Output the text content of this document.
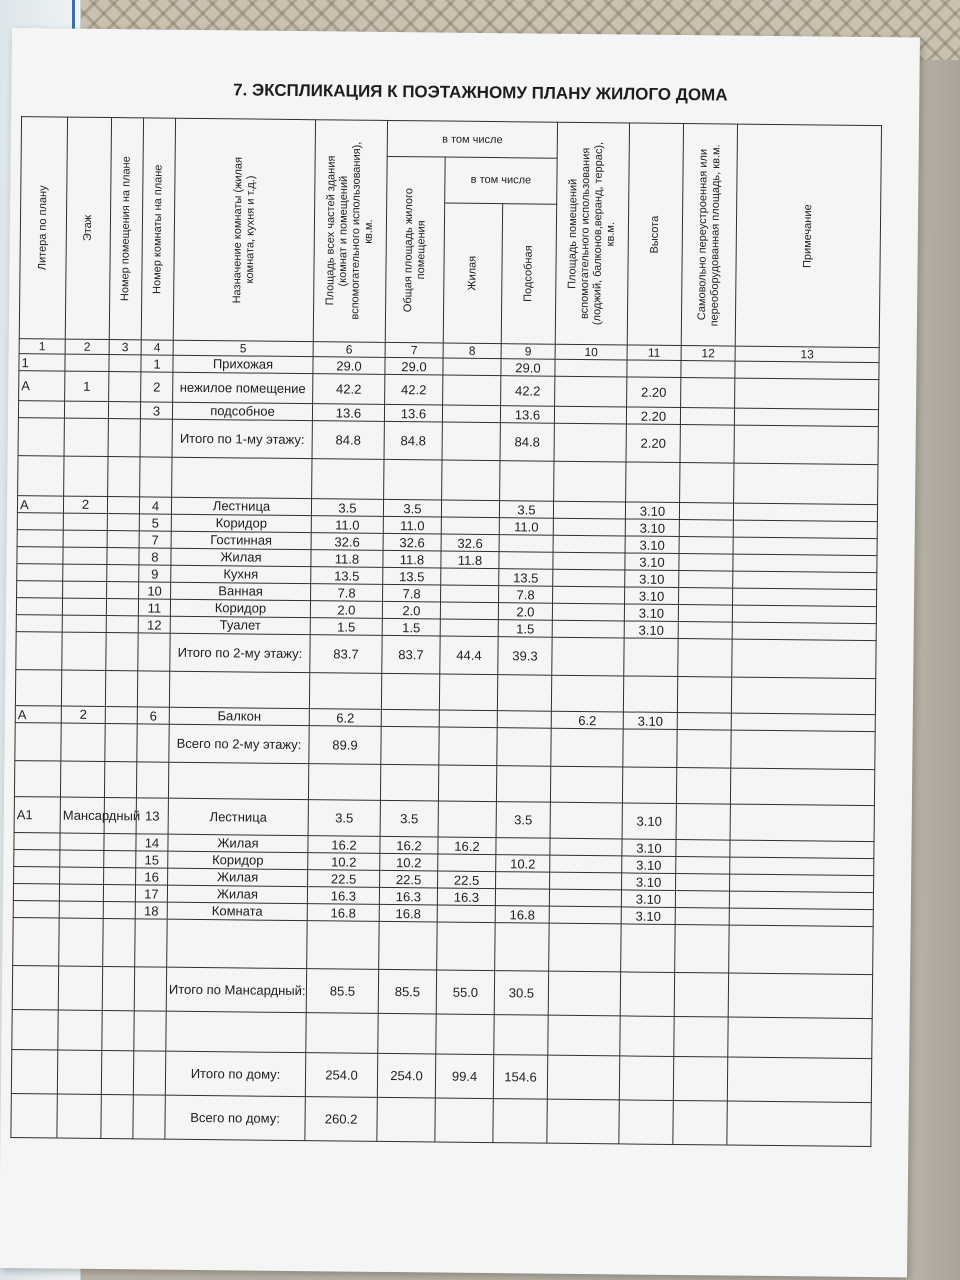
7. ЭКСПЛИКАЦИЯ К ПОЭТАЖНОМУ ПЛАНУ ЖИЛОГО ДОМА
Литера по плану	Этаж	Номер помещения на плане	Номер комнаты на плане	Назначение комнаты (жилая комната, кухня и т.д.)	Площадь всех частей здания (комнат и помещений вспомогательного использования), кв.м.	в том числе			Площадь помещений вспомогательного использования (лоджий, балконов,веранд, террас), кв.м.	Высота	Самовольно переустроенная или переоборудованная площадь, кв.м.	Примечание

						Общая площадь жилого помещения	в том числе					

							Жилая	Подсобная				

1	2	3	4	5	6	7	8	9	10	11	12	13
1			1	Прихожая	29.0	29.0		29.0				
А	1		2	нежилое помещение	42.2	42.2		42.2		2.20		
			3	подсобное	13.6	13.6		13.6		2.20		
				Итого по 1-му этажу:	84.8	84.8		84.8		2.20		

А	2		4	Лестница	3.5	3.5		3.5		3.10		
			5	Коридор	11.0	11.0		11.0		3.10		
			7	Гостинная	32.6	32.6	32.6			3.10		
			8	Жилая	11.8	11.8	11.8			3.10		
			9	Кухня	13.5	13.5		13.5		3.10		
			10	Ванная	7.8	7.8		7.8		3.10		
			11	Коридор	2.0	2.0		2.0		3.10		
			12	Туалет	1.5	1.5		1.5		3.10		
				Итого по 2-му этажу:	83.7	83.7	44.4	39.3				

А	2		6	Балкон	6.2				6.2	3.10		
				Всего по 2-му этажу:	89.9							

А1	Мансардный		13	Лестница	3.5	3.5		3.5		3.10		
			14	Жилая	16.2	16.2	16.2			3.10		
			15	Коридор	10.2	10.2		10.2		3.10		
			16	Жилая	22.5	22.5	22.5			3.10		
			17	Жилая	16.3	16.3	16.3			3.10		
			18	Комната	16.8	16.8		16.8		3.10		

				Итого по Мансардный:	85.5	85.5	55.0	30.5				

				Итого по дому:	254.0	254.0	99.4	154.6				
				Всего по дому:	260.2							
